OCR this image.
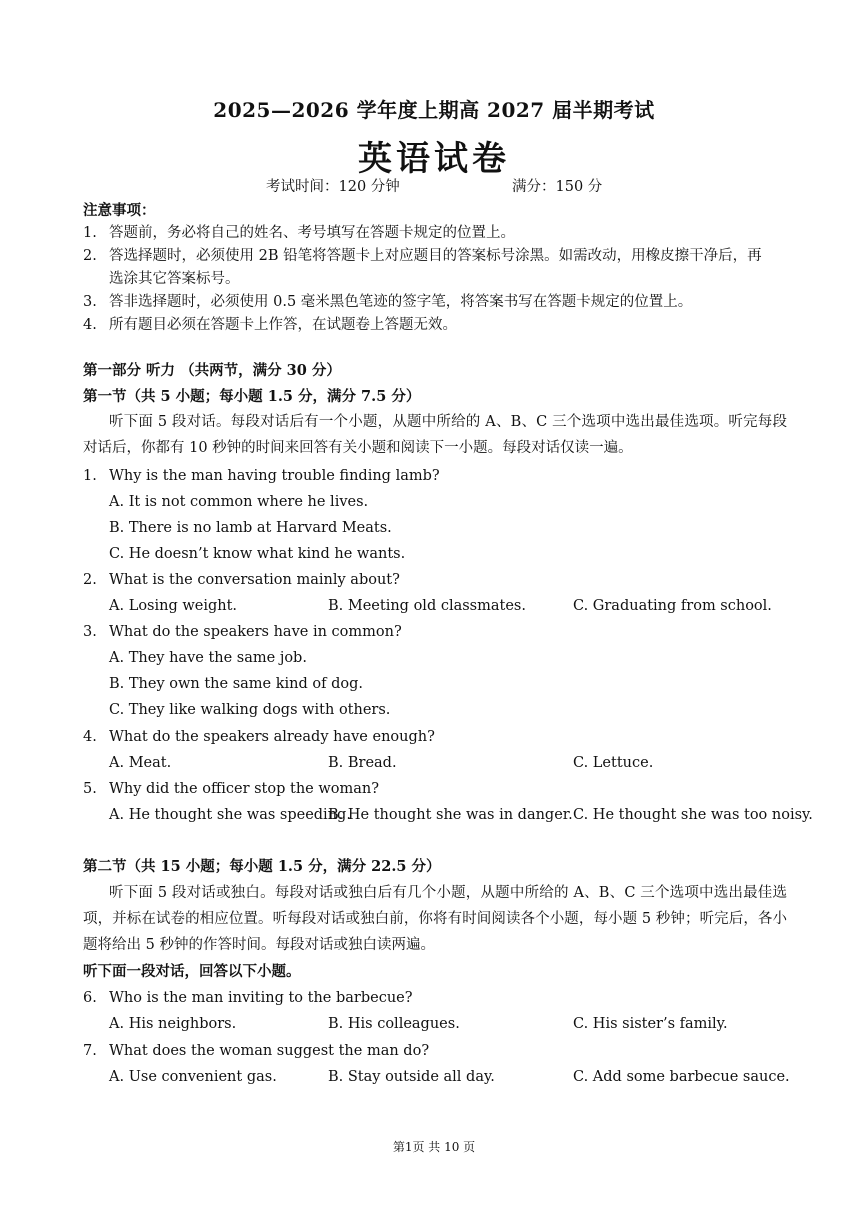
2025—2026 学年度上期高 2027 届半期考试
英语试卷
考试时间：120 分钟	满分：150 分
注意事项：
1. 答题前，务必将自己的姓名、考号填写在答题卡规定的位置上。
2. 答选择题时，必须使用 2B 铅笔将答题卡上对应题目的答案标号涂黑。如需改动，用橡皮擦干净后，再
选涂其它答案标号。
3. 答非选择题时，必须使用 0.5 毫米黑色笔迹的签字笔，将答案书写在答题卡规定的位置上。
4. 所有题目必须在答题卡上作答，在试题卷上答题无效。
第一部分 听力 （共两节，满分 30 分）
第一节（共 5 小题；每小题 1.5 分，满分 7.5 分）
听下面 5 段对话。每段对话后有一个小题，从题中所给的 A、B、C 三个选项中选出最佳选项。听完每段对话后，你都有 10 秒钟的时间来回答有关小题和阅读下一小题。每段对话仅读一遍。
1. Why is the man having trouble finding lamb?
A. It is not common where he lives.
B. There is no lamb at Harvard Meats.
C. He doesn’t know what kind he wants.
2. What is the conversation mainly about?
A. Losing weight.	B. Meeting old classmates.	C. Graduating from school.
3. What do the speakers have in common?
A. They have the same job.
B. They own the same kind of dog.
C. They like walking dogs with others.
4. What do the speakers already have enough?
A. Meat.	B. Bread.	C. Lettuce.
5. Why did the officer stop the woman?
A. He thought she was speeding.
B. He thought she was in danger. C. He thought she was too noisy.
第二节（共 15 小题；每小题 1.5 分，满分 22.5 分）
听下面 5 段对话或独白。每段对话或独白后有几个小题，从题中所给的 A、B、C 三个选项中选出最佳选项，并标在试卷的相应位置。听每段对话或独白前，你将有时间阅读各个小题，每小题 5 秒钟；听完后，各小题将给出 5 秒钟的作答时间。每段对话或独白读两遍。
听下面一段对话，回答以下小题。
6. Who is the man inviting to the barbecue?
A. His neighbors.	B. His colleagues.	C. His sister’s family.
7. What does the woman suggest the man do?
A. Use convenient gas.	B. Stay outside all day.	C. Add some barbecue sauce.
第1页 共 10 页
